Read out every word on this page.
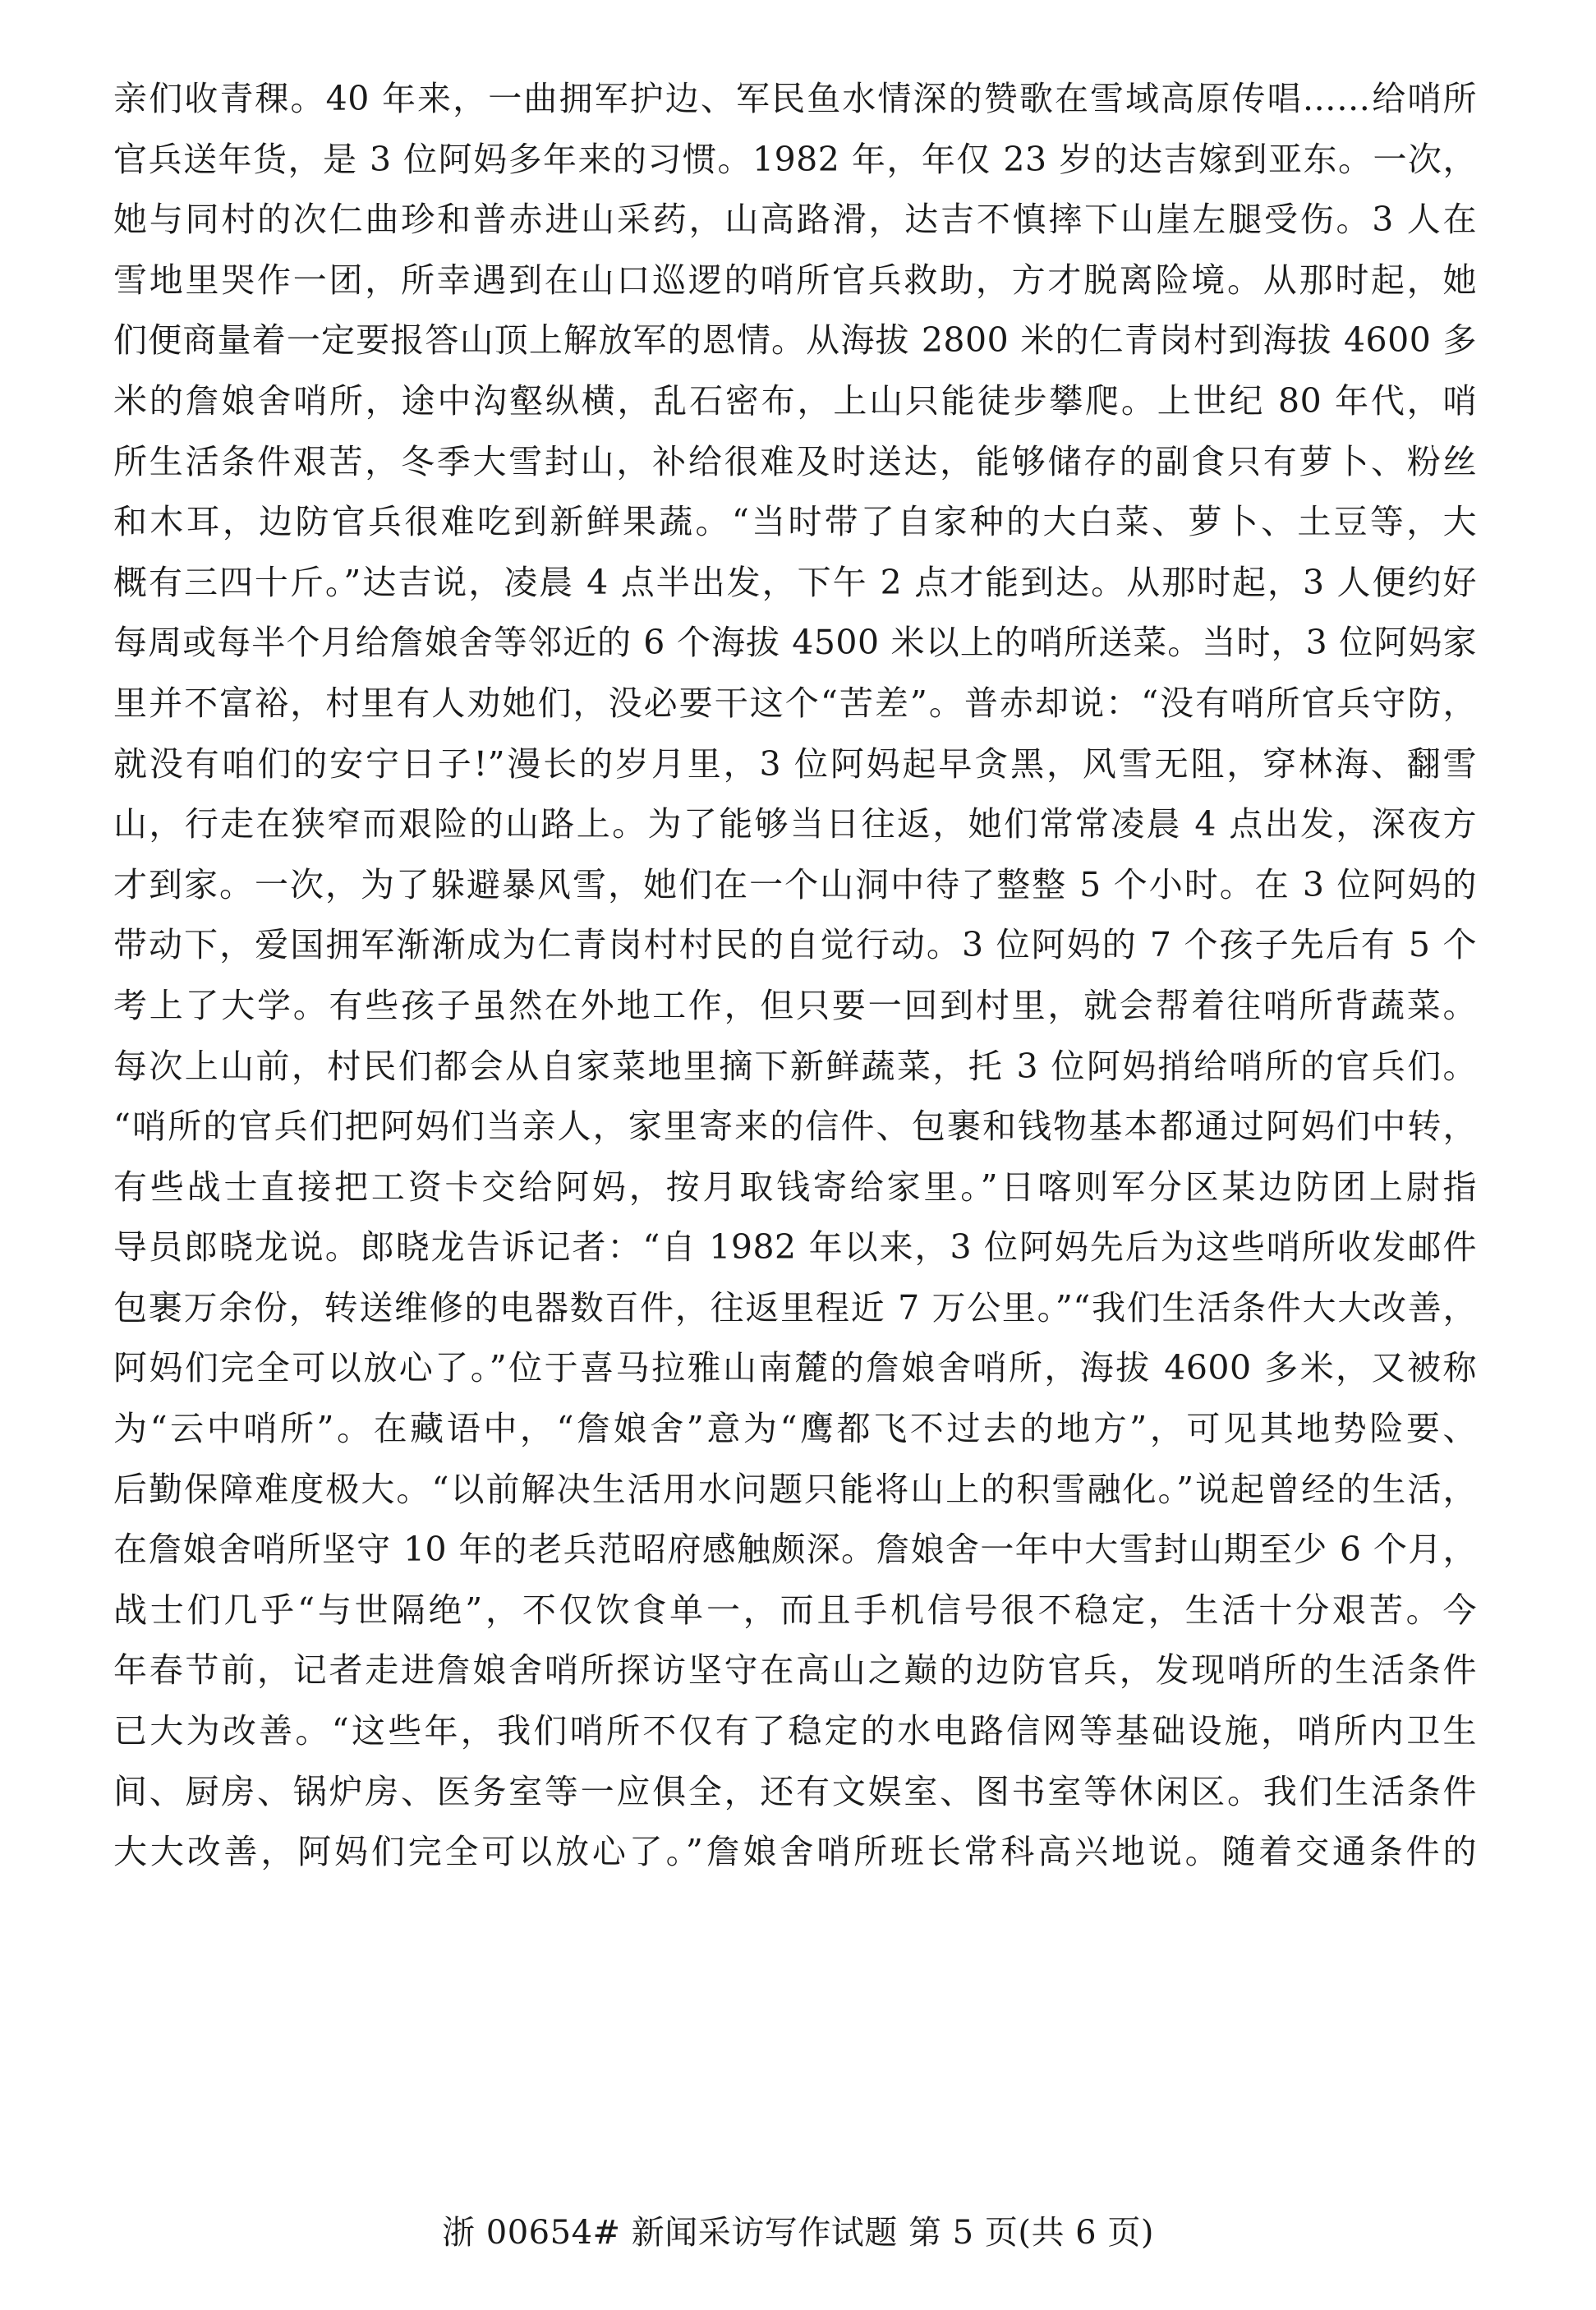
亲们收青稞。40 年来，一曲拥军护边、军民鱼水情深的赞歌在雪域高原传唱……给哨所
官兵送年货，是 3 位阿妈多年来的习惯。1982 年，年仅 23 岁的达吉嫁到亚东。一次，
她与同村的次仁曲珍和普赤进山采药，山高路滑，达吉不慎摔下山崖左腿受伤。3 人在
雪地里哭作一团，所幸遇到在山口巡逻的哨所官兵救助，方才脱离险境。从那时起，她
们便商量着一定要报答山顶上解放军的恩情。从海拔 2800 米的仁青岗村到海拔 4600 多
米的詹娘舍哨所，途中沟壑纵横，乱石密布，上山只能徒步攀爬。上世纪 80 年代，哨
所生活条件艰苦，冬季大雪封山，补给很难及时送达，能够储存的副食只有萝卜、粉丝
和木耳，边防官兵很难吃到新鲜果蔬。“当时带了自家种的大白菜、萝卜、土豆等，大
概有三四十斤。”达吉说，凌晨 4 点半出发，下午 2 点才能到达。从那时起，3 人便约好
每周或每半个月给詹娘舍等邻近的 6 个海拔 4500 米以上的哨所送菜。当时，3 位阿妈家
里并不富裕，村里有人劝她们，没必要干这个“苦差”。普赤却说：“没有哨所官兵守防，
就没有咱们的安宁日子!”漫长的岁月里，3 位阿妈起早贪黑，风雪无阻，穿林海、翻雪
山，行走在狭窄而艰险的山路上。为了能够当日往返，她们常常凌晨 4 点出发，深夜方
才到家。一次，为了躲避暴风雪，她们在一个山洞中待了整整 5 个小时。在 3 位阿妈的
带动下，爱国拥军渐渐成为仁青岗村村民的自觉行动。3 位阿妈的 7 个孩子先后有 5 个
考上了大学。有些孩子虽然在外地工作，但只要一回到村里，就会帮着往哨所背蔬菜。
每次上山前，村民们都会从自家菜地里摘下新鲜蔬菜，托 3 位阿妈捎给哨所的官兵们。
“哨所的官兵们把阿妈们当亲人，家里寄来的信件、包裹和钱物基本都通过阿妈们中转，
有些战士直接把工资卡交给阿妈，按月取钱寄给家里。”日喀则军分区某边防团上尉指
导员郎晓龙说。郎晓龙告诉记者：“自 1982 年以来，3 位阿妈先后为这些哨所收发邮件
包裹万余份，转送维修的电器数百件，往返里程近 7 万公里。”“我们生活条件大大改善，
阿妈们完全可以放心了。”位于喜马拉雅山南麓的詹娘舍哨所，海拔 4600 多米，又被称
为“云中哨所”。在藏语中，“詹娘舍”意为“鹰都飞不过去的地方”，可见其地势险要、
后勤保障难度极大。“以前解决生活用水问题只能将山上的积雪融化。”说起曾经的生活，
在詹娘舍哨所坚守 10 年的老兵范昭府感触颇深。詹娘舍一年中大雪封山期至少 6 个月，
战士们几乎“与世隔绝”，不仅饮食单一，而且手机信号很不稳定，生活十分艰苦。今
年春节前，记者走进詹娘舍哨所探访坚守在高山之巅的边防官兵，发现哨所的生活条件
已大为改善。“这些年，我们哨所不仅有了稳定的水电路信网等基础设施，哨所内卫生
间、厨房、锅炉房、医务室等一应俱全，还有文娱室、图书室等休闲区。我们生活条件
大大改善，阿妈们完全可以放心了。”詹娘舍哨所班长常科高兴地说。随着交通条件的
浙 00654# 新闻采访写作试题 第 5 页(共 6 页)
